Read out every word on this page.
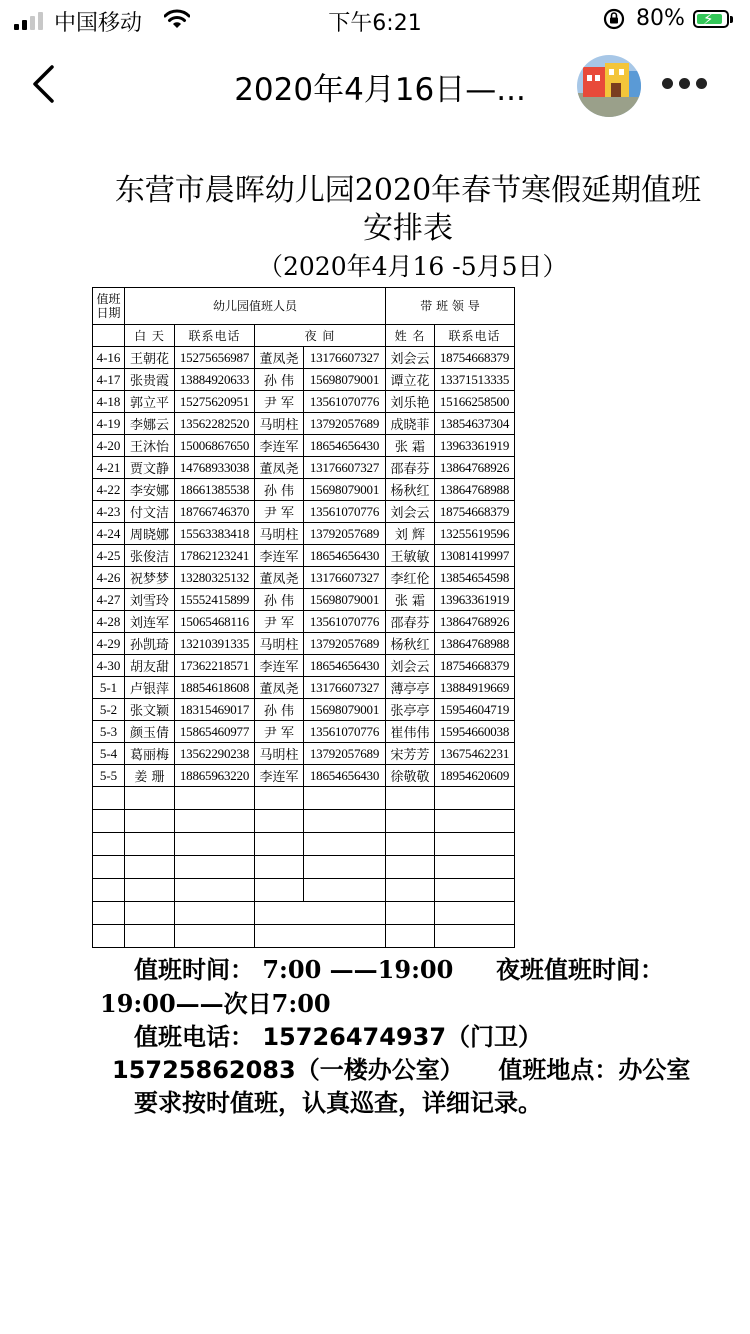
中国移动	下午6:21	80% ⚡
2020年4月16日—...
东营市晨晖幼儿园2020年春节寒假延期值班安排表
（2020年4月16 -5月5日）
值班日期	幼儿园值班人员				带 班 领 导	
	白 天	联系电话	夜 间		姓 名	联系电话
4-16	王朝花	15275656987	董凤尧	13176607327	刘会云	18754668379
4-17	张贵霞	13884920633	孙 伟	15698079001	谭立花	13371513335
4-18	郭立平	15275620951	尹 军	13561070776	刘乐艳	15166258500
4-19	李娜云	13562282520	马明柱	13792057689	成晓菲	13854637304
4-20	王沐怡	15006867650	李连军	18654656430	张 霜	13963361919
4-21	贾文静	14768933038	董凤尧	13176607327	邵春芬	13864768926
4-22	李安娜	18661385538	孙 伟	15698079001	杨秋红	13864768988
4-23	付文洁	18766746370	尹 军	13561070776	刘会云	18754668379
4-24	周晓娜	15563383418	马明柱	13792057689	刘 辉	13255619596
4-25	张俊洁	17862123241	李连军	18654656430	王敏敏	13081419997
4-26	祝梦梦	13280325132	董凤尧	13176607327	李红伦	13854654598
4-27	刘雪玲	15552415899	孙 伟	15698079001	张 霜	13963361919
4-28	刘连军	15065468116	尹 军	13561070776	邵春芬	13864768926
4-29	孙凯琦	13210391335	马明柱	13792057689	杨秋红	13864768988
4-30	胡友甜	17362218571	李连军	18654656430	刘会云	18754668379
5-1	卢银萍	18854618608	董凤尧	13176607327	薄亭亭	13884919669
5-2	张文颖	18315469017	孙 伟	15698079001	张亭亭	15954604719
5-3	颜玉倩	15865460977	尹 军	13561070776	崔伟伟	15954660038
5-4	葛丽梅	13562290238	马明柱	13792057689	宋芳芳	13675462231
5-5	姜 珊	18865963220	李连军	18654656430	徐敬敬	18954620609

值班时间： 7:00 ——19:00 夜班值班时间：

19:00——次日7:00

值班电话： 15726474937（门卫）

15725862083（一楼办公室） 值班地点：办公室

要求按时值班，认真巡查，详细记录。
